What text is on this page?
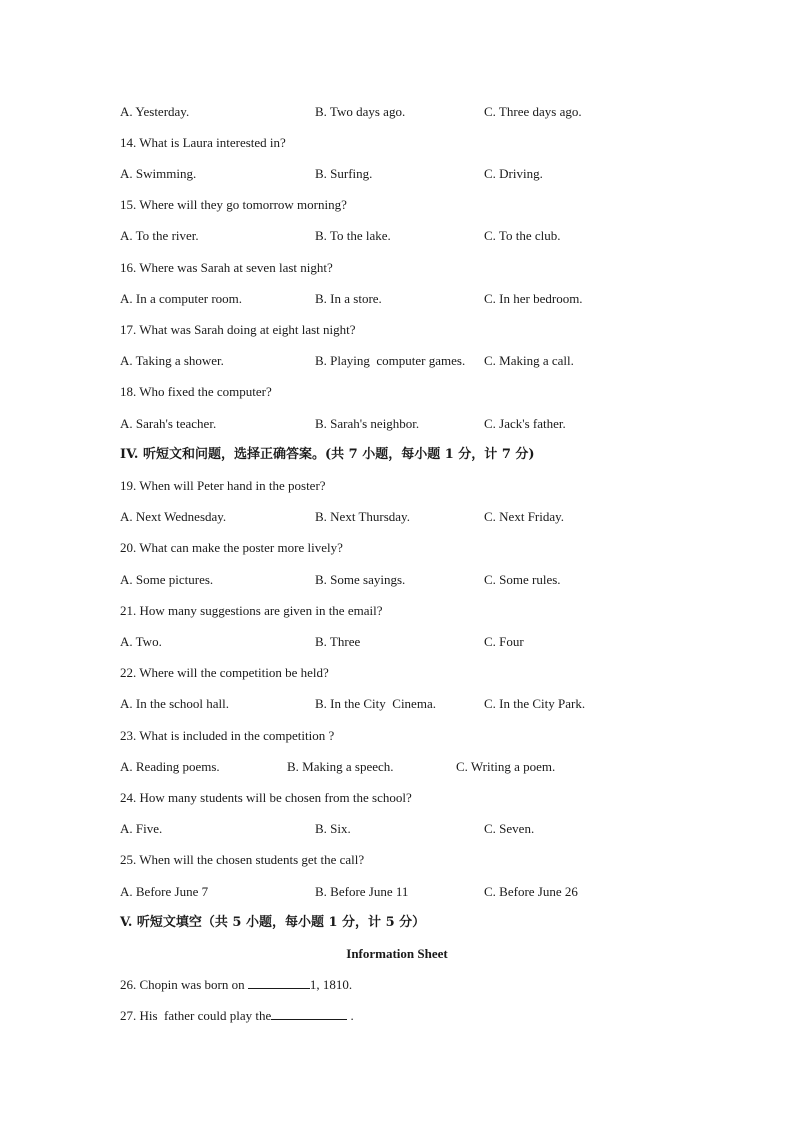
A. Yesterday.	B. Two days ago.	C. Three days ago.
14. What is Laura interested in?
A. Swimming.	B. Surfing.	C. Driving.
15. Where will they go tomorrow morning?
A. To the river.	B. To the lake.	C. To the club.
16. Where was Sarah at seven last night?
A. In a computer room.	B. In a store.	C. In her bedroom.
17. What was Sarah doing at eight last night?
A. Taking a shower.	B. Playing  computer games. C. Making a call.
18. Who fixed the computer?
A. Sarah's teacher.	B. Sarah's neighbor.	C. Jack's father.
IV. 听短文和问题，选择正确答案。(共 7 小题，每小题 1 分，计 7 分)
19. When will Peter hand in the poster?
A. Next Wednesday.	B. Next Thursday.	C. Next Friday.
20. What can make the poster more lively?
A. Some pictures.	B. Some sayings.	C. Some rules.
21. How many suggestions are given in the email?
A. Two.	B. Three	C. Four
22. Where will the competition be held?
A. In the school hall.	B. In the City  Cinema.	C. In the City Park.
23. What is included in the competition ?
A. Reading poems.	B. Making a speech.	C. Writing a poem.
24. How many students will be chosen from the school?
A. Five.	B. Six.	C. Seven.
25. When will the chosen students get the call?
A. Before June 7	B. Before June 11	C. Before June 26
V. 听短文填空（共 5 小题，每小题 1 分，计 5 分）
Information Sheet
26. Chopin was born on	1, 1810.
27. His  father could play the	.
